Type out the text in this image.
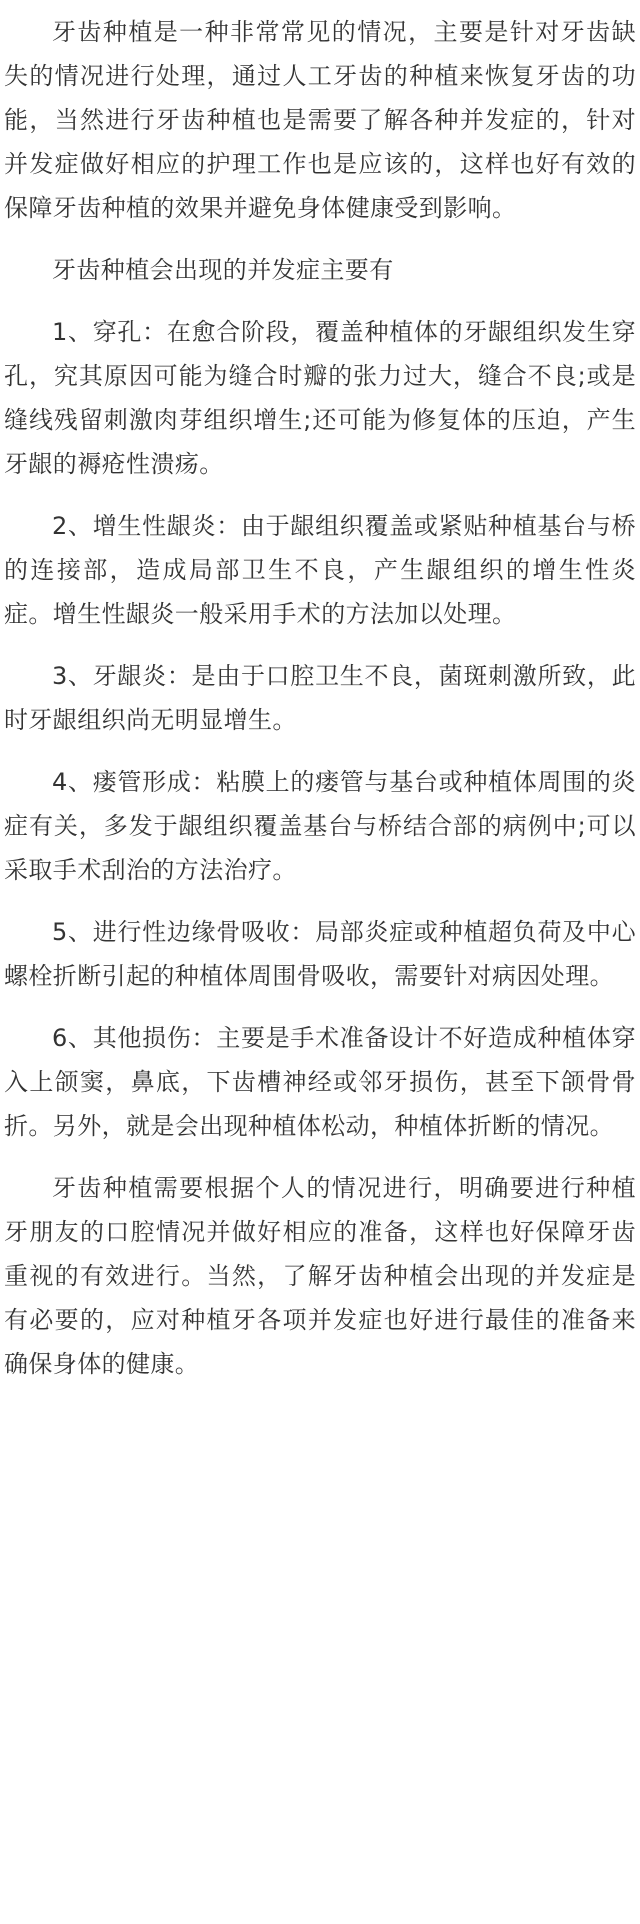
牙齿种植是一种非常常见的情况，主要是针对牙齿缺失的情况进行处理，通过人工牙齿的种植来恢复牙齿的功能，当然进行牙齿种植也是需要了解各种并发症的，针对并发症做好相应的护理工作也是应该的，这样也好有效的保障牙齿种植的效果并避免身体健康受到影响。

牙齿种植会出现的并发症主要有

1、穿孔：在愈合阶段，覆盖种植体的牙龈组织发生穿孔，究其原因可能为缝合时瓣的张力过大，缝合不良;或是缝线残留刺激肉芽组织增生;还可能为修复体的压迫，产生牙龈的褥疮性溃疡。

2、增生性龈炎：由于龈组织覆盖或紧贴种植基台与桥的连接部，造成局部卫生不良，产生龈组织的增生性炎症。增生性龈炎一般采用手术的方法加以处理。

3、牙龈炎：是由于口腔卫生不良，菌斑刺激所致，此时牙龈组织尚无明显增生。

4、瘘管形成：粘膜上的瘘管与基台或种植体周围的炎症有关，多发于龈组织覆盖基台与桥结合部的病例中;可以采取手术刮治的方法治疗。

5、进行性边缘骨吸收：局部炎症或种植超负荷及中心螺栓折断引起的种植体周围骨吸收，需要针对病因处理。

6、其他损伤：主要是手术准备设计不好造成种植体穿入上颌窦，鼻底，下齿槽神经或邻牙损伤，甚至下颌骨骨折。另外，就是会出现种植体松动，种植体折断的情况。

牙齿种植需要根据个人的情况进行，明确要进行种植牙朋友的口腔情况并做好相应的准备，这样也好保障牙齿重视的有效进行。当然，了解牙齿种植会出现的并发症是有必要的，应对种植牙各项并发症也好进行最佳的准备来确保身体的健康。
